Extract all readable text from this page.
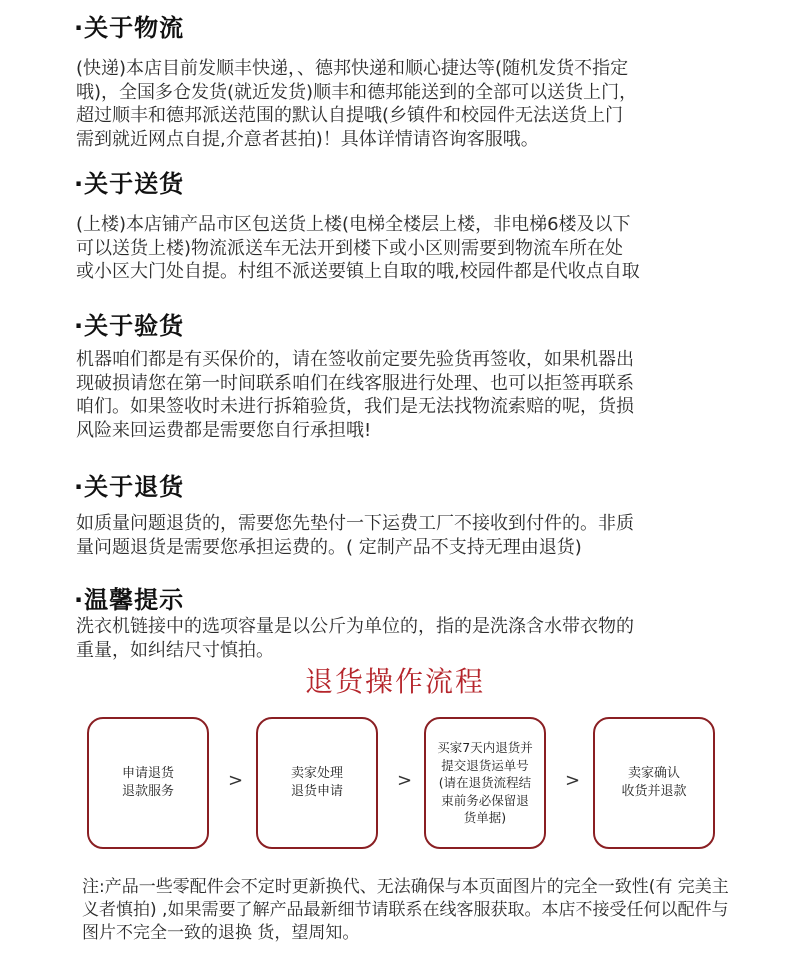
·关于物流
(快递)本店目前发顺丰快递，、德邦快递和顺心捷达等(随机发货不指定
哦)，全国多仓发货(就近发货)顺丰和德邦能送到的全部可以送货上门，
超过顺丰和德邦派送范围的默认自提哦(乡镇件和校园件无法送货上门
需到就近网点自提,介意者甚拍)！具体详情请咨询客服哦。
·关于送货
(上楼)本店铺产品市区包送货上楼(电梯全楼层上楼，非电梯6楼及以下
可以送货上楼)物流派送车无法开到楼下或小区则需要到物流车所在处
或小区大门处自提。村组不派送要镇上自取的哦,校园件都是代收点自取
·关于验货
机器咱们都是有买保价的，请在签收前定要先验货再签收，如果机器出
现破损请您在第一时间联系咱们在线客服进行处理、也可以拒签再联系
咱们。如果签收时未进行拆箱验货，我们是无法找物流索赔的呢，货损
风险来回运费都是需要您自行承担哦!
·关于退货
如质量问题退货的，需要您先垫付一下运费工厂不接收到付件的。非质
量问题退货是需要您承担运费的。( 定制产品不支持无理由退货)
·温馨提示
洗衣机链接中的选项容量是以公斤为单位的，指的是洗涤含水带衣物的
重量，如纠结尺寸慎拍。
退货操作流程
申请退货
退款服务
>	卖家处理
退货申请
>
买家7天内退货并
提交退货运单号
(请在退货流程结
束前务必保留退
货单据)
>	卖家确认
收货并退款
注:产品一些零配件会不定时更新换代、无法确保与本页面图片的完全一致性(有 完美主义者慎拍) ,如果需要了解产品最新细节请联系在线客服获取。本店不接受任何以配件与图片不完全一致的退换 货，望周知。
